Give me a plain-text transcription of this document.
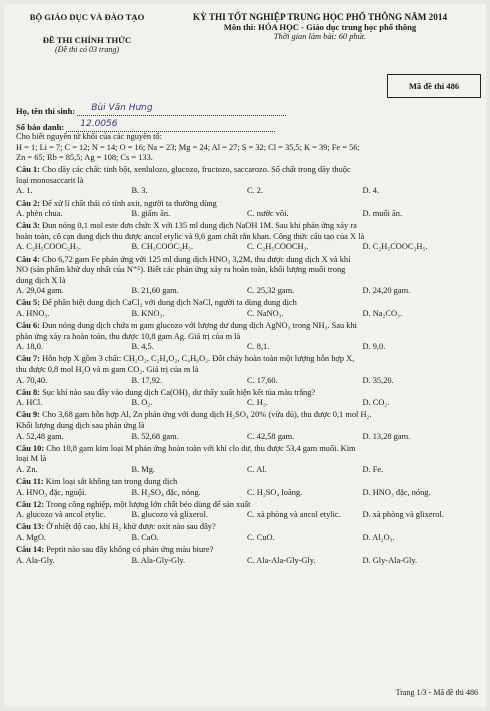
BỘ GIÁO DỤC VÀ ĐÀO TẠO
ĐỀ THI CHÍNH THỨC
(Đề thi có 03 trang)
KỲ THI TỐT NGHIỆP TRUNG HỌC PHỔ THÔNG NĂM 2014
Môn thi: HÓA HỌC - Giáo dục trung học phổ thông
Thời gian làm bài: 60 phút.
Mã đề thi 486
Họ, tên thí sinh:	Bùi Văn Hưng
Số báo danh:	12.0056

Cho biết nguyên tử khối của các nguyên tố:

H = 1; Li = 7; C = 12; N = 14; O = 16; Na = 23; Mg = 24; Al = 27; S = 32; Cl = 35,5; K = 39; Fe = 56;

Zn = 65; Rb = 85,5; Ag = 108; Cs = 133.

Câu 1: Cho dãy các chất: tinh bột, xenlulozo, glucozo, fructozo, saccarozo. Số chất trong dãy thuộc

loại monosaccarit là

A. 1.	B. 3.	C. 2.	D. 4.

Câu 2: Để xử lí chất thải có tính axit, người ta thường dùng

A. phèn chua.	B. giấm ăn.	C. nước vôi.	D. muối ăn.

Câu 3: Đun nóng 0,1 mol este đơn chức X với 135 ml dung dịch NaOH 1M. Sau khi phản ứng xảy ra

hoàn toàn, cô cạn dung dịch thu được ancol etylic và 9,6 gam chất rắn khan. Công thức cấu tạo của X là

A. C₂H₅COOC₂H₅.	B. CH₃COOC₂H₅.	C. C₂H₅COOCH₃.	D. C₂H₃COOC₂H₅.

Câu 4: Cho 6,72 gam Fe phản ứng với 125 ml dung dịch HNO₃ 3,2M, thu được dung dịch X và khí

NO (sản phẩm khử duy nhất của N⁺⁵). Biết các phản ứng xảy ra hoàn toàn, khối lượng muối trong

dung dịch X là

A. 29,04 gam.	B. 21,60 gam.	C. 25,32 gam.	D. 24,20 gam.

Câu 5: Để phân biệt dung dịch CaCl₂ với dung dịch NaCl, người ta dùng dung dịch

A. HNO₃.	B. KNO₃.	C. NaNO₃.	D. Na₂CO₃.

Câu 6: Đun nóng dung dịch chứa m gam glucozo với lượng dư dung dịch AgNO₃ trong NH₃. Sau khi

phản ứng xảy ra hoàn toàn, thu được 10,8 gam Ag. Giá trị của m là

A. 18,0.	B. 4,5.	C. 8,1.	D. 9,0.

Câu 7: Hỗn hợp X gồm 3 chất: CH₂O₂, C₂H₄O₂, C₄H₈O₂. Đốt cháy hoàn toàn một lượng hỗn hợp X,

thu được 0,8 mol H₂O và m gam CO₂. Giá trị của m là

A. 70,40.	B. 17,92.	C. 17,60.	D. 35,20.

Câu 8: Sục khí nào sau đây vào dung dịch Ca(OH)₂ dư thấy xuất hiện kết tủa màu trắng?

A. HCl.	B. O₂.	C. H₂.	D. CO₂.

Câu 9: Cho 3,68 gam hỗn hợp Al, Zn phản ứng với dung dịch H₂SO₄ 20% (vừa đủ), thu được 0,1 mol H₂.

Khối lượng dung dịch sau phản ứng là

A. 52,48 gam.	B. 52,68 gam.	C. 42,58 gam.	D. 13,28 gam.

Câu 10: Cho 10,8 gam kim loại M phản ứng hoàn toàn với khí clo dư, thu được 53,4 gam muối. Kim

loại M là

A. Zn.	B. Mg.	C. Al.	D. Fe.

Câu 11: Kim loại sắt không tan trong dung dịch

A. HNO₃ đặc, nguội.	B. H₂SO₄ đặc, nóng.	C. H₂SO₄ loãng.	D. HNO₃ đặc, nóng.

Câu 12: Trong công nghiệp, một lượng lớn chất béo dùng để sản xuất

A. glucozo và ancol etylic.	B. glucozo và glixerol.	C. xà phòng và ancol etylic.	D. xà phòng và glixerol.

Câu 13: Ở nhiệt độ cao, khí H₂ khử được oxit nào sau đây?

A. MgO.	B. CaO.	C. CuO.	D. Al₂O₃.

Câu 14: Peptit nào sau đây không có phản ứng màu biure?

A. Ala-Gly.	B. Ala-Gly-Gly.	C. Ala-Ala-Gly-Gly.	D. Gly-Ala-Gly.
Trang 1/3 - Mã đề thi 486
